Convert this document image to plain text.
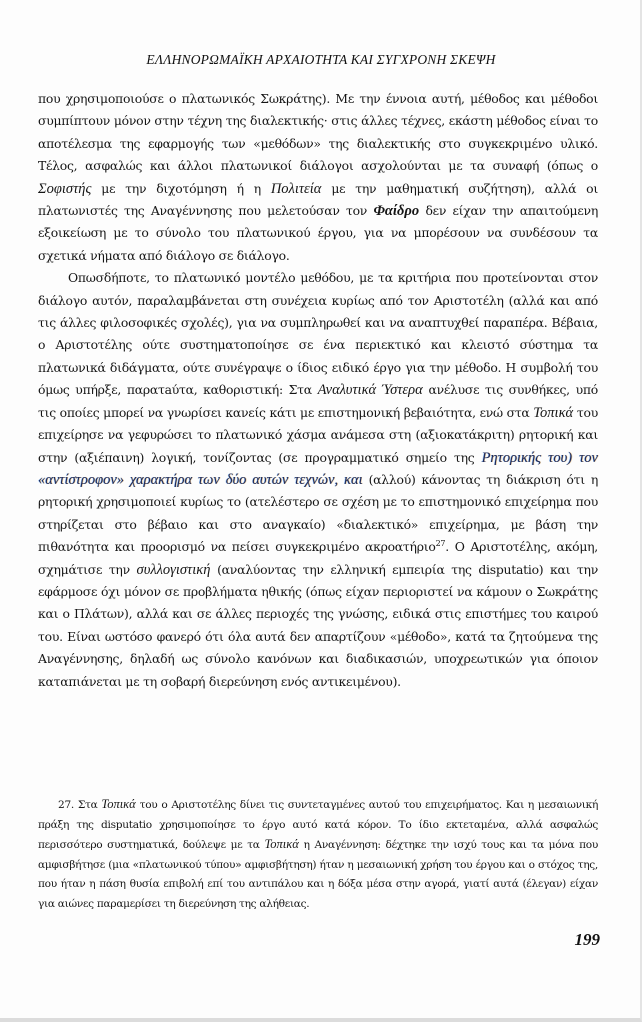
ΕΛΛΗΝΟΡΩΜΑΪΚΗ ΑΡΧΑΙΟΤΗΤΑ ΚΑΙ ΣΥΓΧΡΟΝΗ ΣΚΕΨΗ

που χρησιμοποιούσε ο πλατωνικός Σωκράτης). Με την έννοια αυτή, μέθοδος και μέθοδοι συμπίπτουν μόνον στην τέχνη της διαλεκτικής· στις άλλες τέχνες, εκάστη μέθοδος είναι το αποτέλεσμα της εφαρμογής των «μεθόδων» της διαλεκτικής στο συγκεκριμένο υλικό. Τέλος, ασφαλώς και άλλοι πλατωνικοί διάλογοι ασχολούνται με τα συναφή (όπως ο Σοφιστής με την διχοτόμηση ή η Πολιτεία με την μαθηματική συζήτηση), αλλά οι πλατωνιστές της Αναγέννησης που μελετούσαν τον Φαίδρο δεν είχαν την απαιτούμενη εξοικείωση με το σύνολο του πλατωνικού έργου, για να μπορέσουν να συνδέσουν τα σχετικά νήματα από διάλογο σε διάλογο.

Οπωσδήποτε, το πλατωνικό μοντέλο μεθόδου, με τα κριτήρια που προτείνονται στον διάλογο αυτόν, παραλαμβάνεται στη συνέχεια κυρίως από τον Αριστοτέλη (αλλά και από τις άλλες φιλοσοφικές σχολές), για να συμπληρωθεί και να αναπτυχθεί παραπέρα. Βέβαια, ο Αριστοτέλης ούτε συστηματοποίησε σε ένα περιεκτικό και κλειστό σύστημα τα πλατωνικά διδάγματα, ούτε συνέγραψε ο ίδιος ειδικό έργο για την μέθοδο. Η συμβολή του όμως υπήρξε, παρατaύτα, καθοριστική: Στα Αναλυτικά Ύστερα ανέλυσε τις συνθήκες, υπό τις οποίες μπορεί να γνωρίσει κανείς κάτι με επιστημονική βεβαιότητα, ενώ στα Τοπικά του επιχείρησε να γεφυρώσει το πλατωνικό χάσμα ανάμεσα στη (αξιοκατάκριτη) ρητορική και στην (αξιέπαινη) λογική, τονίζοντας (σε προγραμματικό σημείο της Ρητορικής του) τον «αντίστροφον» χαρακτήρα των δύο αυτών τεχνών, και (αλλού) κάνοντας τη διάκριση ότι η ρητορική χρησιμοποιεί κυρίως το (ατελέστερο σε σχέση με το επιστημονικό επιχείρημα που στηρίζεται στο βέβαιο και στο αναγκαίο) «διαλεκτικό» επιχείρημα, με βάση την πιθανότητα και προορισμό να πείσει συγκεκριμένο ακροατήριο$^{27}$. Ο Αριστοτέλης, ακόμη, σχημάτισε την συλλογιστική (αναλύοντας την ελληνική εμπειρία της disputatio) και την εφάρμοσε όχι μόνον σε προβλήματα ηθικής (όπως είχαν περιοριστεί να κάμουν ο Σωκράτης και ο Πλάτων), αλλά και σε άλλες περιοχές της γνώσης, ειδικά στις επιστήμες του καιρού του. Είναι ωστόσο φανερό ότι όλα αυτά δεν απαρτίζουν «μέθοδο», κατά τα ζητούμενα της Αναγέννησης, δηλαδή ως σύνολο κανόνων και διαδικασιών, υποχρεωτικών για όποιον καταπιάνεται με τη σοβαρή διερεύνηση ενός αντικειμένου).

27. Στα Τοπικά του ο Αριστοτέλης δίνει τις συντεταγμένες αυτού του επιχειρήματος. Και η μεσαιωνική πράξη της disputatio χρησιμοποίησε το έργο αυτό κατά κόρον. Το ίδιο εκτεταμένα, αλλά ασφαλώς περισσότερο συστηματικά, δούλεψε με τα Τοπικά η Αναγέννηση: δέχτηκε την ισχύ τους και τα μόνα που αμφισβήτησε (μια «πλατωνικού τύπου» αμφισβήτηση) ήταν η μεσαιωνική χρήση του έργου και ο στόχος της, που ήταν η πάση θυσία επιβολή επί του αντιπάλου και η δόξα μέσα στην αγορά, γιατί αυτά (έλεγαν) είχαν για αιώνες παραμερίσει τη διερεύνηση της αλήθειας.

199
